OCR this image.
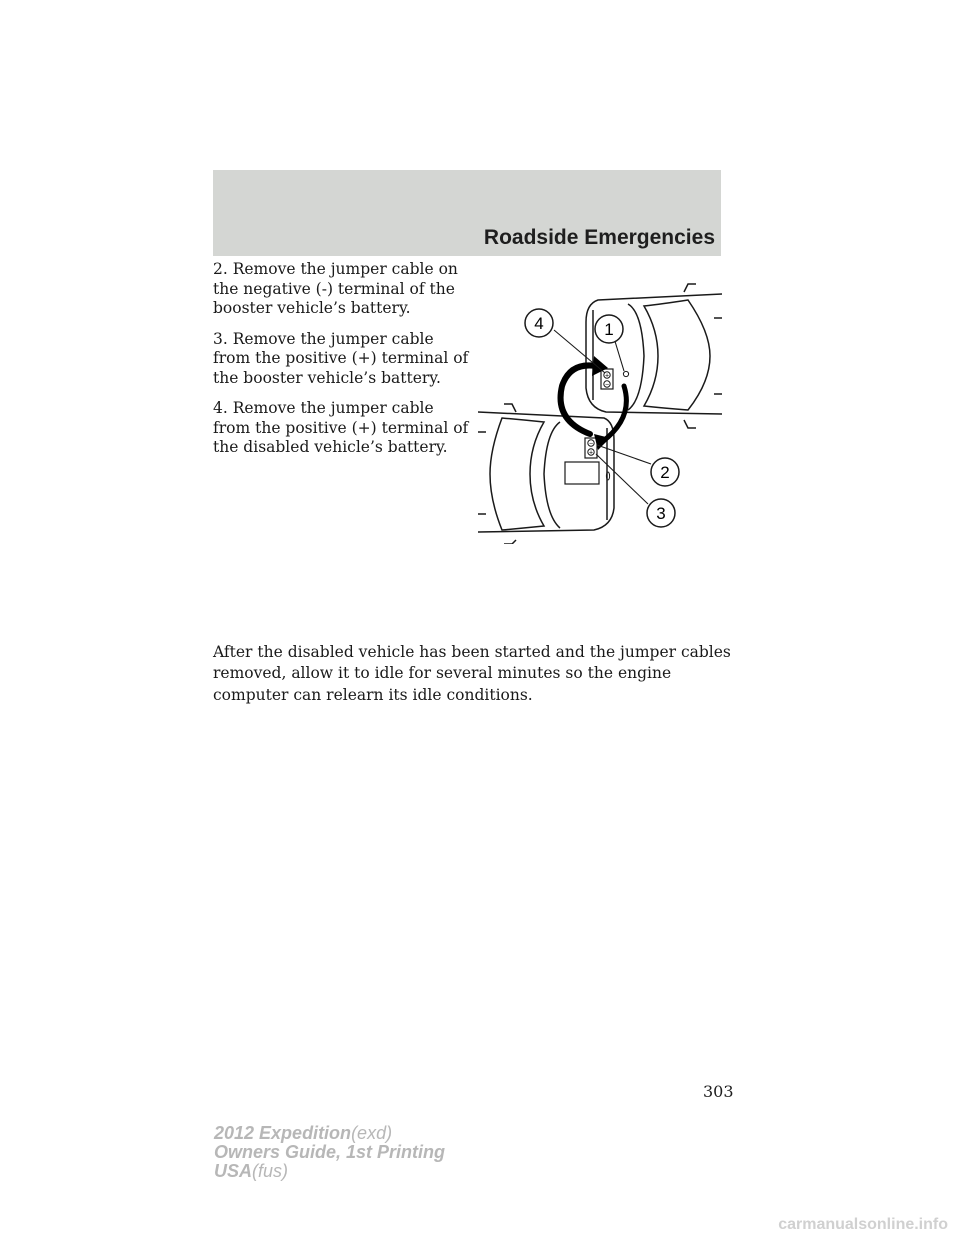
Roadside Emergencies

2. Remove the jumper cable on the negative (-) terminal of the booster vehicle’s battery.

3. Remove the jumper cable from the positive (+) terminal of the booster vehicle’s battery.

4. Remove the jumper cable from the positive (+) terminal of the disabled vehicle’s battery.

+
−
−
+
4	1
2
3

After the disabled vehicle has been started and the jumper cables removed, allow it to idle for several minutes so the engine computer can relearn its idle conditions.

303
2012 Expedition(exd)
Owners Guide, 1st Printing
USA(fus)
carmanualsonline.info
